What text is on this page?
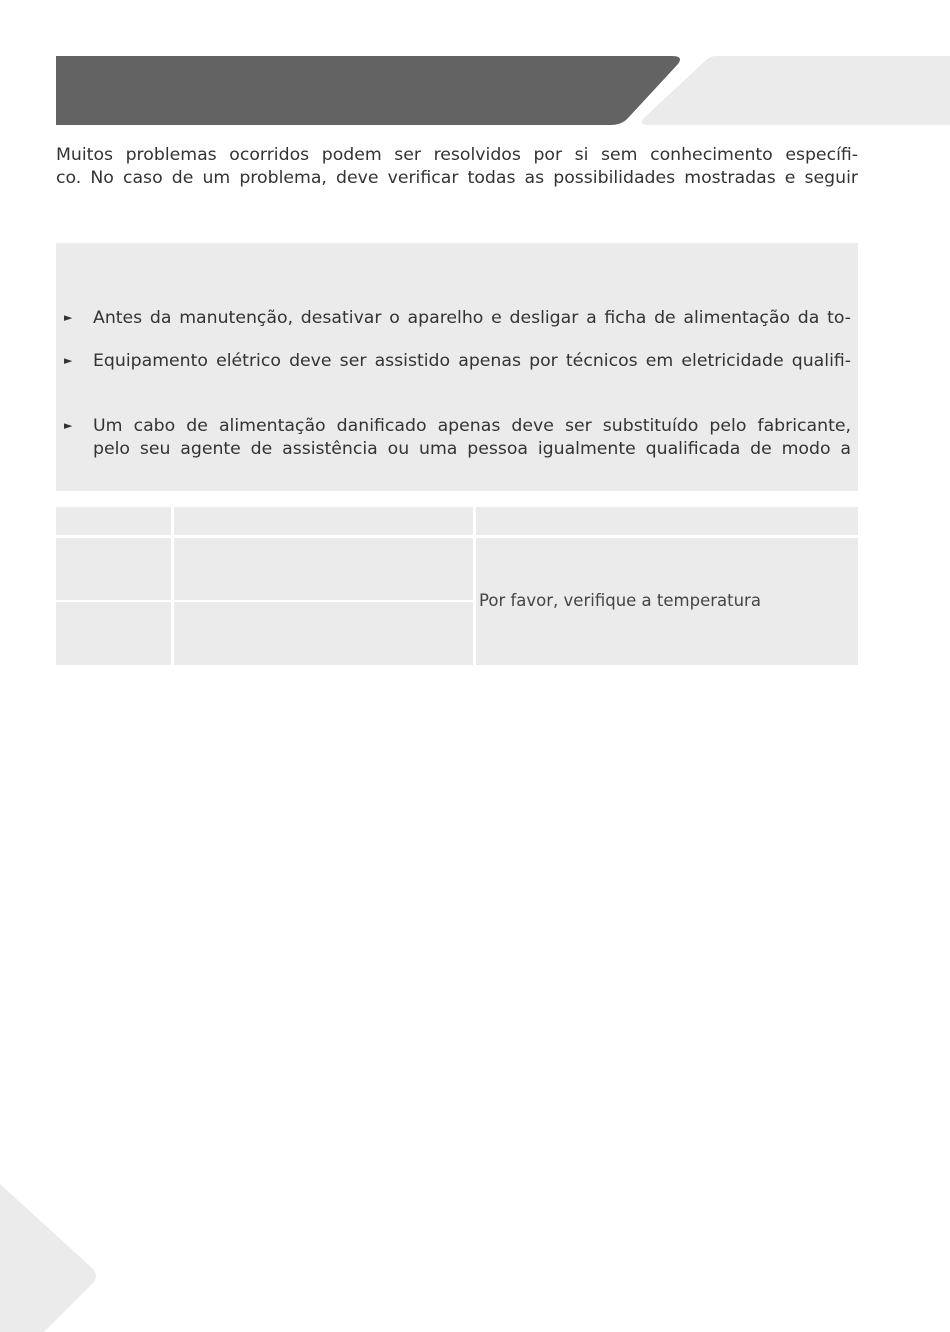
Muitos problemas ocorridos podem ser resolvidos por si sem conhecimento específi-
co. No caso de um problema, deve verificar todas as possibilidades mostradas e seguir

► Antes da manutenção, desativar o aparelho e desligar a ficha de alimentação da to-
► Equipamento elétrico deve ser assistido apenas por técnicos em eletricidade qualifi-
► Um cabo de alimentação danificado apenas deve ser substituído pelo fabricante,
pelo seu agente de assistência ou uma pessoa igualmente qualificada de modo a
Por favor, verifique a temperatura
